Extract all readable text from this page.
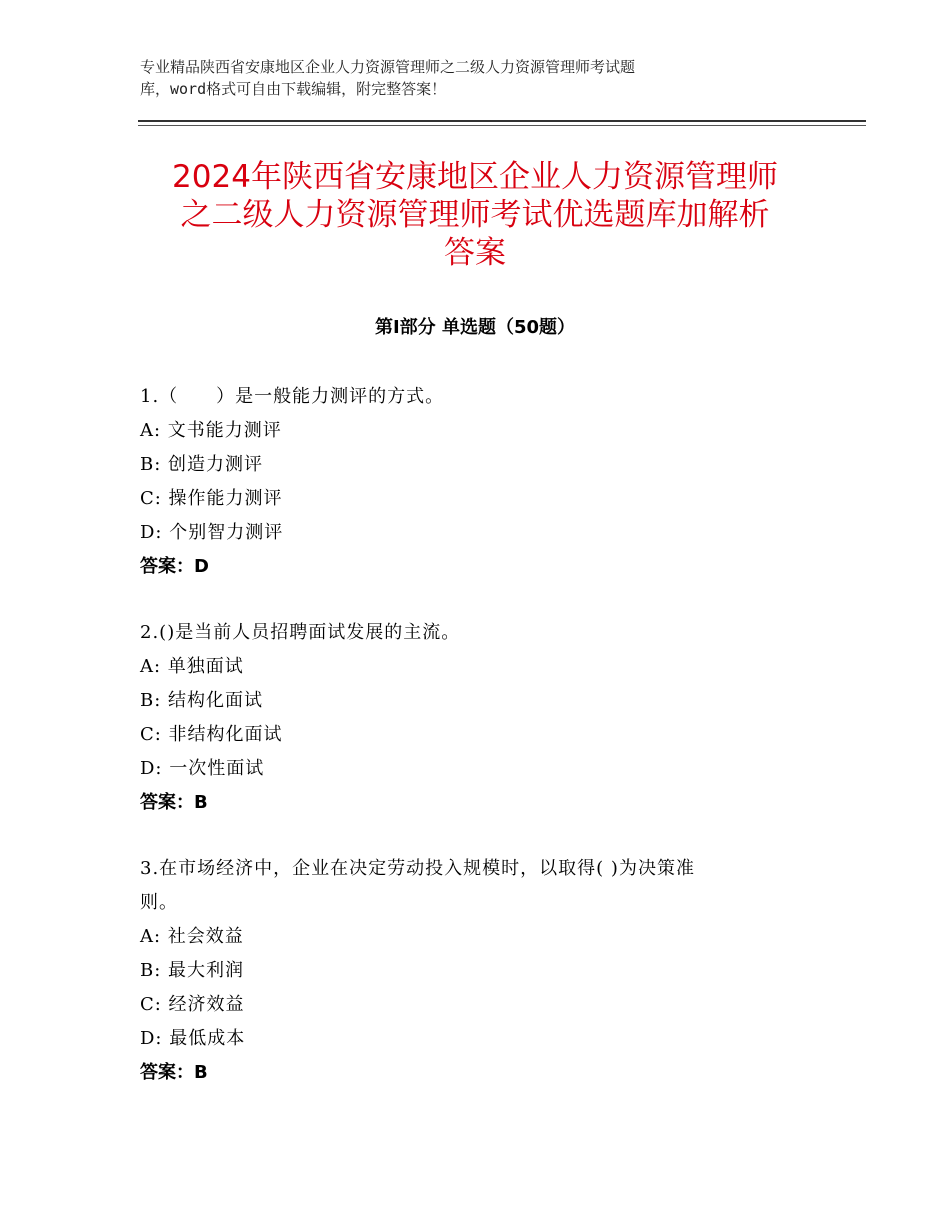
专业精品陕西省安康地区企业人力资源管理师之二级人力资源管理师考试题
库，word格式可自由下载编辑，附完整答案！
2024年陕西省安康地区企业人力资源管理师
之二级人力资源管理师考试优选题库加解析
答案
第Ⅰ部分 单选题（50题）
1.（　　）是一般能力测评的方式。
A: 文书能力测评
B: 创造力测评
C: 操作能力测评
D: 个别智力测评
答案：D
2.()是当前人员招聘面试发展的主流。
A: 单独面试
B: 结构化面试
C: 非结构化面试
D: 一次性面试
答案：B
3.在市场经济中，企业在决定劳动投入规模时，以取得( )为决策准
则。
A: 社会效益
B: 最大利润
C: 经济效益
D: 最低成本
答案：B
